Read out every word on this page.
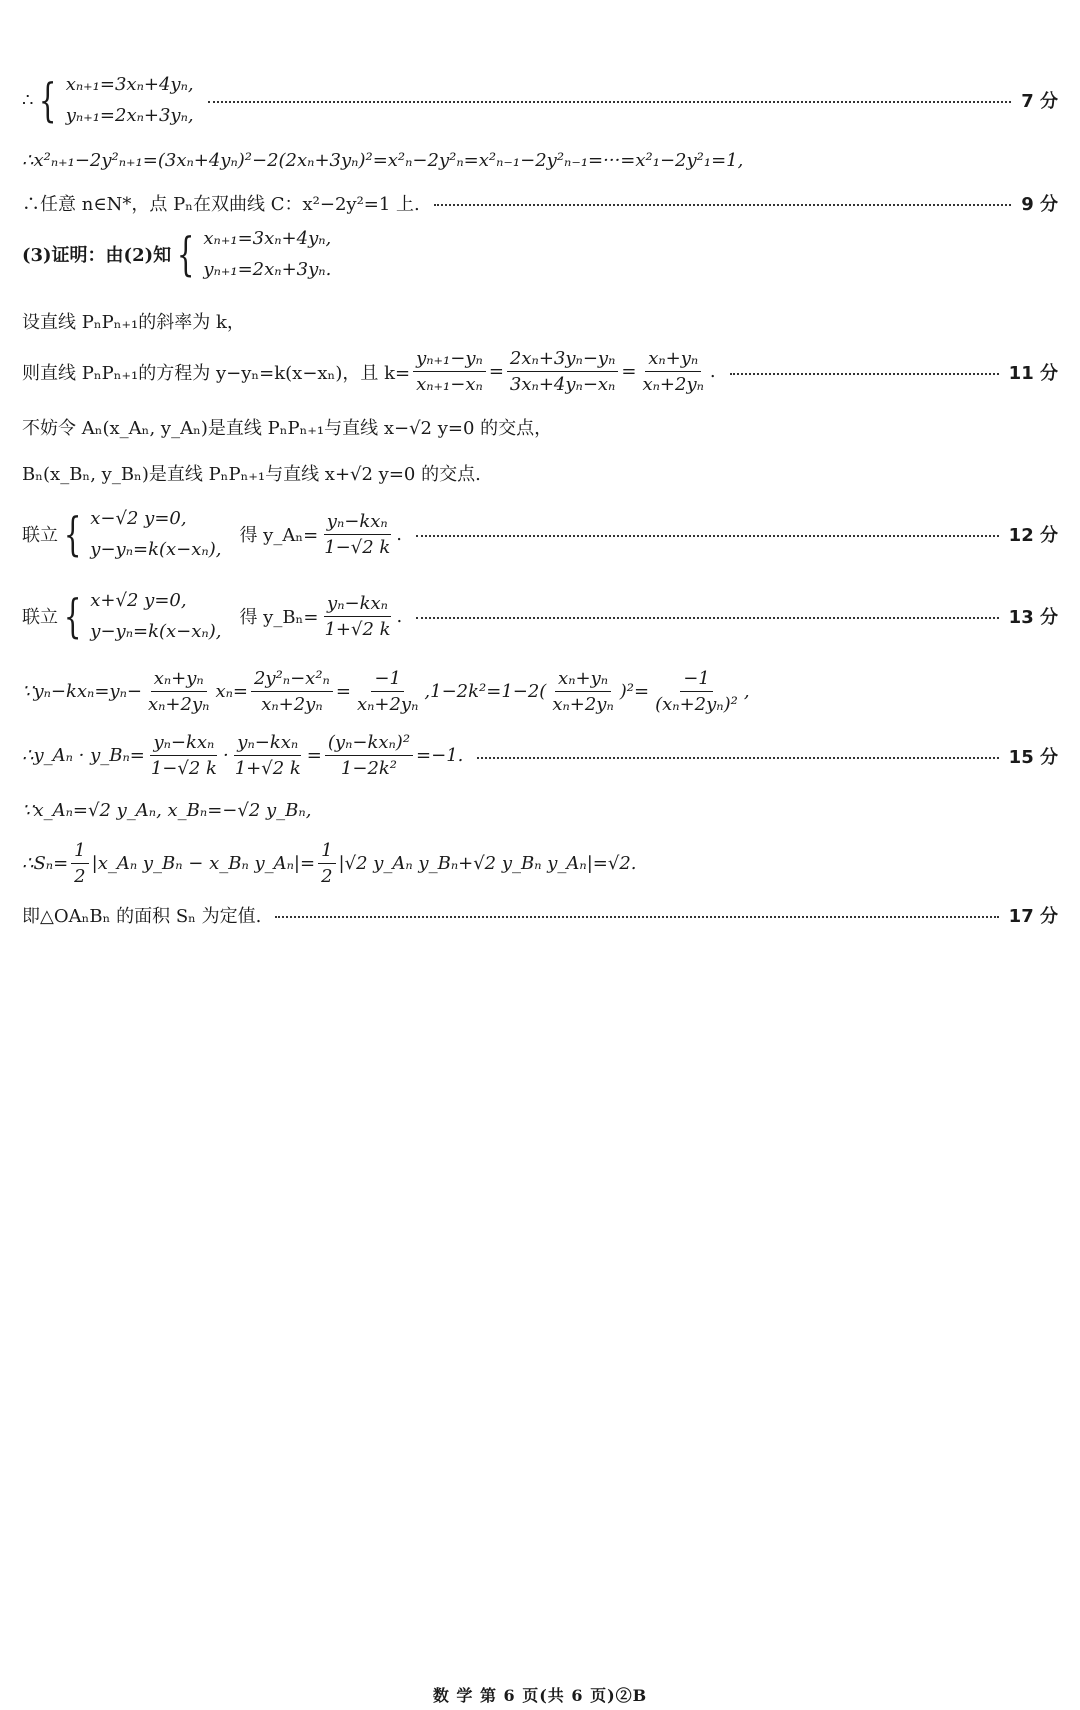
∴ { xₙ₊₁=3xₙ+4yₙ,
yₙ₊₁=2xₙ+3yₙ,
7 分
∴x²ₙ₊₁−2y²ₙ₊₁=(3xₙ+4yₙ)²−2(2xₙ+3yₙ)²=x²ₙ−2y²ₙ=x²ₙ₋₁−2y²ₙ₋₁=···=x²₁−2y²₁=1,
∴任意 n∈N*，点 Pₙ在双曲线 C：x²−2y²=1 上.	9 分
(3)证明：由(2)知 { xₙ₊₁=3xₙ+4yₙ,
yₙ₊₁=2xₙ+3yₙ.
设直线 PₙPₙ₊₁的斜率为 k，
则直线 PₙPₙ₊₁的方程为 y−yₙ=k(x−xₙ)，且 $k= \frac{\text{yₙ₊₁−yₙ}}{\text{xₙ₊₁−xₙ}} = \frac{\text{2xₙ+3yₙ−yₙ}}{\text{3xₙ+4yₙ−xₙ}} = \frac{\text{xₙ+yₙ}}{\text{xₙ+2yₙ}}$ .	11 分
不妨令 Aₙ(x_Aₙ, y_Aₙ)是直线 PₙPₙ₊₁与直线 x−√2 y=0 的交点，
Bₙ(x_Bₙ, y_Bₙ)是直线 PₙPₙ₊₁与直线 x+√2 y=0 的交点.
联立 { x−√2 y=0,
y−yₙ=k(x−xₙ),
得 y_Aₙ= $\frac{\text{yₙ−kxₙ}}{1-√2 k}$ .	12 分
联立 { x+√2 y=0,
y−yₙ=k(x−xₙ),
得 y_Bₙ= $\frac{\text{yₙ−kxₙ}}{1+√2 k}$ .	13 分
∵yₙ−kxₙ=yₙ− $\frac{\text{xₙ+yₙ}}{\text{xₙ+2yₙ}} x_n= \frac{\text{2y²ₙ−x²ₙ}}{\text{xₙ+2yₙ}} = \frac{-1}{\text{xₙ+2yₙ}} ,1-2k^2=1-2( \frac{\text{xₙ+yₙ}}{\text{xₙ+2yₙ}} )^2= \frac{-1}{\text{(xₙ+2yₙ)²}}$ ,
∴y_Aₙ · y_Bₙ= $\frac{\text{yₙ−kxₙ}}{1-√2 k} \cdot \frac{\text{yₙ−kxₙ}}{1+√2 k} = \frac{\text{(yₙ−kxₙ)²}}{\text{1−2k²}} =-1$.	15 分
∵x_Aₙ=√2 y_Aₙ, x_Bₙ=−√2 y_Bₙ,
∴Sₙ= $\frac{1}{2}$ |x_Aₙ y_Bₙ − x_Bₙ y_Aₙ|= $\frac{1}{2} |√2$ y_Aₙ y_Bₙ+√2 y_Bₙ y_Aₙ|=√2.
即△OAₙBₙ 的面积 Sₙ 为定值.	17 分
数 学 第 6 页(共 6 页)②B
